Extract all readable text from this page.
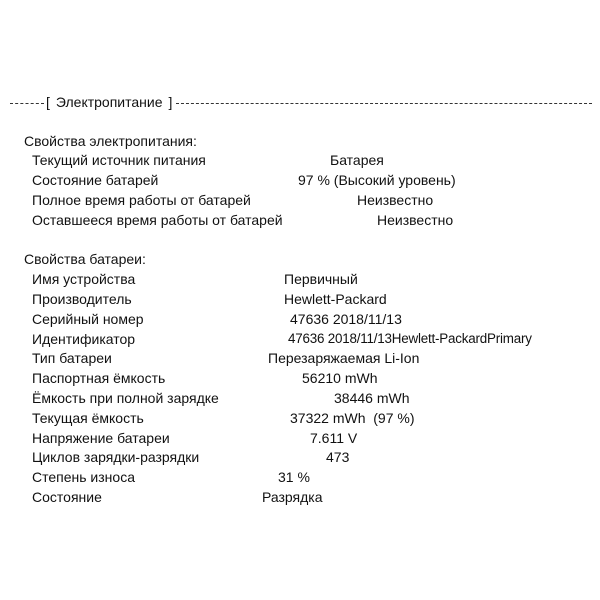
[ Электропитание ]
Свойства электропитания:
Текущий источник питания	Батарея
Состояние батарей	97 % (Высокий уровень)
Полное время работы от батарей	Неизвестно
Оставшееся время работы от батарей	Неизвестно
Свойства батареи:
Имя устройства	Первичный
Производитель	Hewlett-Packard
Серийный номер	47636 2018/11/13
Идентификатор	47636 2018/11/13Hewlett-PackardPrimary
Тип батареи	Перезаряжаемая Li-Ion
Паспортная ёмкость	56210 mWh
Ёмкость при полной зарядке	38446 mWh
Текущая ёмкость	37322 mWh  (97 %)
Напряжение батареи	7.611 V
Циклов зарядки-разрядки	473
Степень износа	31 %
Состояние	Разрядка
